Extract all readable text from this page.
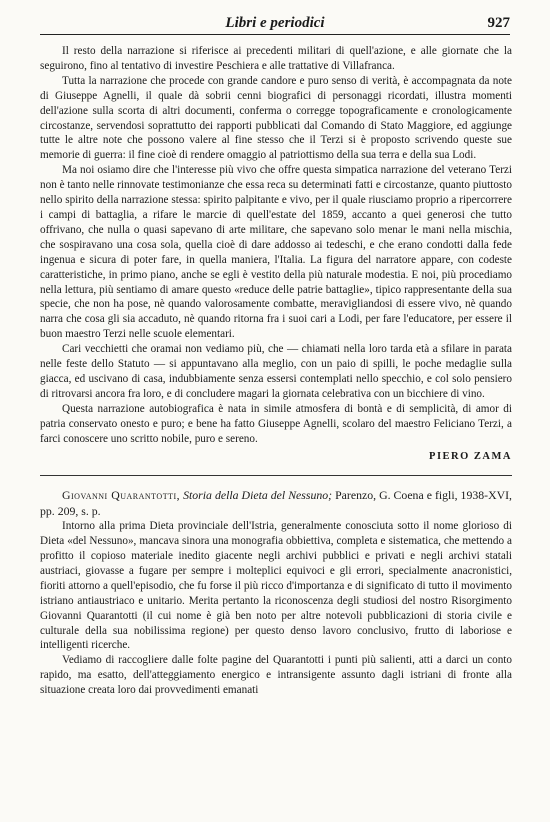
Libri e periodici	927

Il resto della narrazione si riferisce ai precedenti militari di quell'azione, e alle giornate che la seguirono, fino al tentativo di investire Peschiera e alle trattative di Villafranca.

Tutta la narrazione che procede con grande candore e puro senso di verità, è accompagnata da note di Giuseppe Agnelli, il quale dà sobrii cenni biografici di personaggi ricordati, illustra momenti dell'azione sulla scorta di altri documenti, conferma o corregge topograficamente e cronologicamente circostanze, servendosi soprattutto dei rapporti pubblicati dal Comando di Stato Maggiore, ed aggiunge tutte le altre note che possono valere al fine stesso che il Terzi si è proposto scrivendo queste sue memorie di guerra: il fine cioè di rendere omaggio al patriottismo della sua terra e della sua Lodi.

Ma noi osiamo dire che l'interesse più vivo che offre questa simpatica narrazione del veterano Terzi non è tanto nelle rinnovate testimonianze che essa reca su determinati fatti e circostanze, quanto piuttosto nello spirito della narrazione stessa: spirito palpitante e vivo, per il quale riusciamo proprio a ripercorrere i campi di battaglia, a rifare le marcie di quell'estate del 1859, accanto a quei generosi che tutto offrivano, che nulla o quasi sapevano di arte militare, che sapevano solo menar le mani nella mischia, che sospiravano una cosa sola, quella cioè di dare addosso ai tedeschi, e che erano condotti dalla fede ingenua e sicura di poter fare, in quella maniera, l'Italia. La figura del narratore appare, con codeste caratteristiche, in primo piano, anche se egli è vestito della più naturale modestia. E noi, più procediamo nella lettura, più sentiamo di amare questo «reduce delle patrie battaglie», tipico rappresentante della sua specie, che non ha pose, nè quando valorosamente combatte, meravigliandosi di essere vivo, nè quando narra che cosa gli sia accaduto, nè quando ritorna fra i suoi cari a Lodi, per fare l'educatore, per essere il buon maestro Terzi nelle scuole elementari.

Cari vecchietti che oramai non vediamo più, che — chiamati nella loro tarda età a sfilare in parata nelle feste dello Statuto — si appuntavano alla meglio, con un paio di spilli, le poche medaglie sulla giacca, ed uscivano di casa, indubbiamente senza essersi contemplati nello specchio, e col solo pensiero di ritrovarsi ancora fra loro, e di concludere magari la giornata celebrativa con un bicchiere di vino.

Questa narrazione autobiografica è nata in simile atmosfera di bontà e di semplicità, di amor di patria conservato onesto e puro; e bene ha fatto Giuseppe Agnelli, scolaro del maestro Feliciano Terzi, a farci conoscere uno scritto nobile, puro e sereno.

PIERO ZAMA

Giovanni Quarantotti, Storia della Dieta del Nessuno; Parenzo, G. Coena e figli, 1938-XVI, pp. 209, s. p.

Intorno alla prima Dieta provinciale dell'Istria, generalmente conosciuta sotto il nome glorioso di Dieta «del Nessuno», mancava sinora una monografia obbiettiva, completa e sistematica, che mettendo a profitto il copioso materiale inedito giacente negli archivi pubblici e privati e negli archivi statali austriaci, giovasse a fugare per sempre i molteplici equivoci e gli errori, specialmente anacronistici, fioriti attorno a quell'episodio, che fu forse il più ricco d'importanza e di significato di tutto il movimento istriano antiaustriaco e unitario. Merita pertanto la riconoscenza degli studiosi del nostro Risorgimento Giovanni Quarantotti (il cui nome è già ben noto per altre notevoli pubblicazioni di storia civile e culturale della sua nobilissima regione) per questo denso lavoro conclusivo, frutto di laboriose e intelligenti ricerche.

Vediamo di raccogliere dalle folte pagine del Quarantotti i punti più salienti, atti a darci un conto rapido, ma esatto, dell'atteggiamento energico e intransigente assunto dagli istriani di fronte alla situazione creata loro dai provvedimenti emanati
